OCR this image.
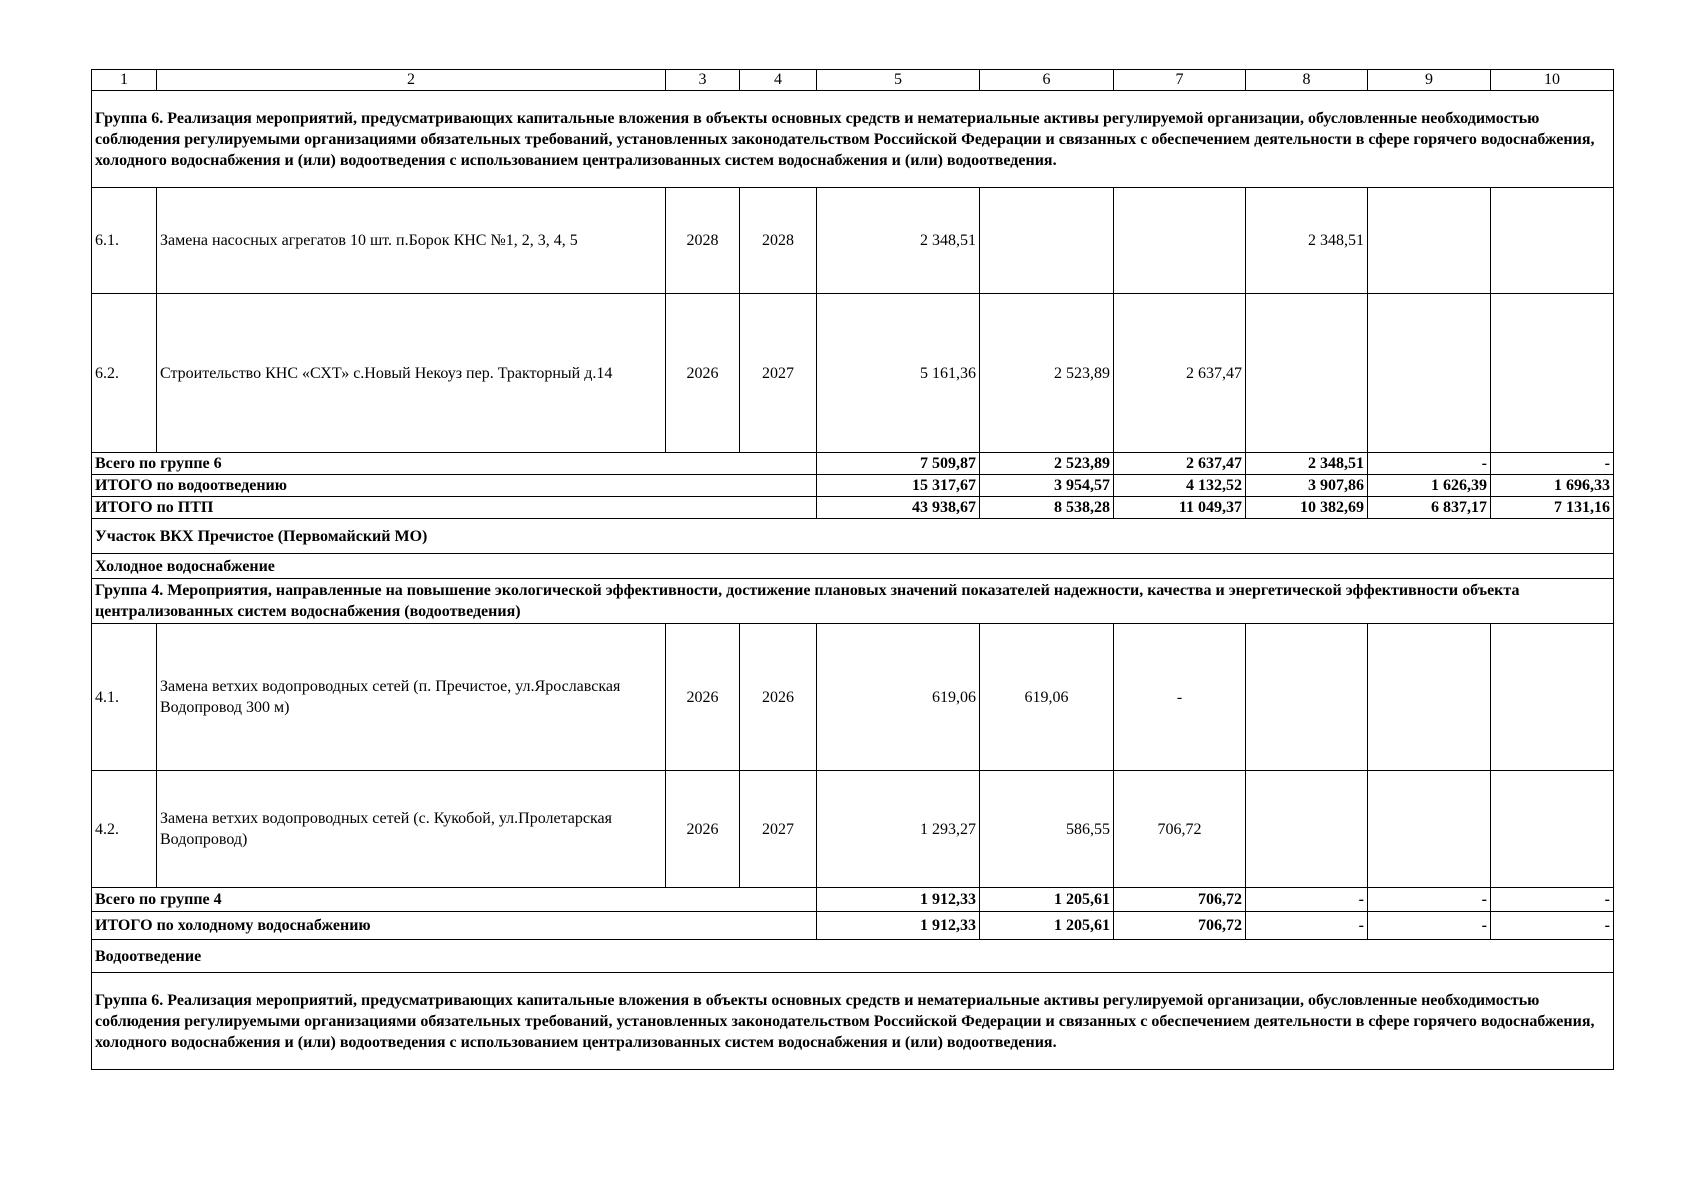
1	2	3	4	5	6	7	8	9	10
Группа 6. Реализация мероприятий, предусматривающих капитальные вложения в объекты основных средств и нематериальные активы регулируемой организации, обусловленные необходимостью соблюдения регулируемыми организациями обязательных требований, установленных законодательством Российской Федерации и связанных с обеспечением деятельности в сфере горячего водоснабжения, холодного водоснабжения и (или) водоотведения с использованием централизованных систем водоснабжения и (или) водоотведения.									
6.1.	Замена насосных агрегатов 10 шт. п.Борок КНС №1, 2, 3, 4, 5	2028	2028	2 348,51			2 348,51		
6.2.	Строительство КНС «СХТ» с.Новый Некоуз пер. Тракторный д.14	2026	2027	5 161,36	2 523,89	2 637,47			
Всего по группе 6				7 509,87	2 523,89	2 637,47	2 348,51	-	-
ИТОГО по водоотведению				15 317,67	3 954,57	4 132,52	3 907,86	1 626,39	1 696,33
ИТОГО по ПТП				43 938,67	8 538,28	11 049,37	10 382,69	6 837,17	7 131,16
Участок ВКХ Пречистое (Первомайский МО)									
Холодное водоснабжение									
Группа 4. Мероприятия, направленные на повышение экологической эффективности, достижение плановых значений показателей надежности, качества и энергетической эффективности объекта централизованных систем водоснабжения (водоотведения)									
4.1.	Замена ветхих водопроводных сетей (п. Пречистое, ул.Ярославская Водопровод 300 м)	2026	2026	619,06	619,06	-			
4.2.	Замена ветхих водопроводных сетей (с. Кукобой, ул.Пролетарская Водопровод)	2026	2027	1 293,27	586,55	706,72			
Всего по группе 4				1 912,33	1 205,61	706,72	-	-	-
ИТОГО по холодному водоснабжению				1 912,33	1 205,61	706,72	-	-	-
Водоотведение									
Группа 6. Реализация мероприятий, предусматривающих капитальные вложения в объекты основных средств и нематериальные активы регулируемой организации, обусловленные необходимостью соблюдения регулируемыми организациями обязательных требований, установленных законодательством Российской Федерации и связанных с обеспечением деятельности в сфере горячего водоснабжения, холодного водоснабжения и (или) водоотведения с использованием централизованных систем водоснабжения и (или) водоотведения.									
